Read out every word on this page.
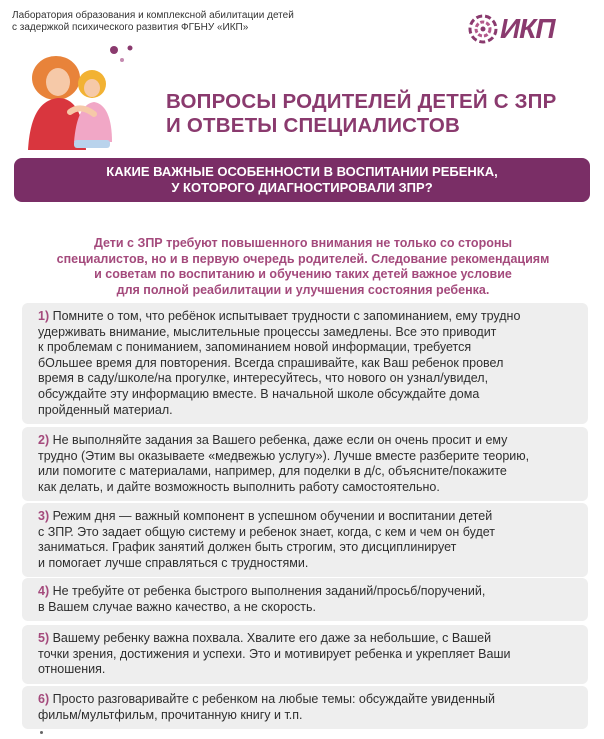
Лаборатория образования и комплексной абилитации детей
с задержкой психического развития ФГБНУ «ИКП»	ИКП
ВОПРОСЫ РОДИТЕЛЕЙ ДЕТЕЙ С ЗПР
И ОТВЕТЫ СПЕЦИАЛИСТОВ
КАКИЕ ВАЖНЫЕ ОСОБЕННОСТИ В ВОСПИТАНИИ РЕБЕНКА,
У КОТОРОГО ДИАГНОСТИРОВАЛИ ЗПР?
Дети с ЗПР требуют повышенного внимания не только со стороны
специалистов, но и в первую очередь родителей. Следование рекомендациям
и советам по воспитанию и обучению таких детей важное условие
для полной реабилитации и улучшения состояния ребенка.
1) Помните о том, что ребёнок испытывает трудности с запоминанием, ему трудно
удерживать внимание, мыслительные процессы замедлены. Все это приводит
к проблемам с пониманием, запоминанием новой информации, требуется
бОльшее время для повторения. Всегда спрашивайте, как Ваш ребенок провел
время в саду/школе/на прогулке, интересуйтесь, что нового он узнал/увидел,
обсуждайте эту информацию вместе. В начальной школе обсуждайте дома
пройденный материал.
2) Не выполняйте задания за Вашего ребенка, даже если он очень просит и ему
трудно (Этим вы оказываете «медвежью услугу»). Лучше вместе разберите теорию,
или помогите с материалами, например, для поделки в д/с, объясните/покажите
как делать, и дайте возможность выполнить работу самостоятельно.
3) Режим дня — важный компонент в успешном обучении и воспитании детей
с ЗПР. Это задает общую систему и ребенок знает, когда, с кем и чем он будет
заниматься. График занятий должен быть строгим, это дисциплинирует
и помогает лучше справляться с трудностями.
4) Не требуйте от ребенка быстрого выполнения заданий/просьб/поручений,
в Вашем случае важно качество, а не скорость.
5) Вашему ребенку важна похвала. Хвалите его даже за небольшие, с Вашей
точки зрения, достижения и успехи. Это и мотивирует ребенка и укрепляет Ваши
отношения.
6) Просто разговаривайте с ребенком на любые темы: обсуждайте увиденный
фильм/мультфильм, прочитанную книгу и т.п.
